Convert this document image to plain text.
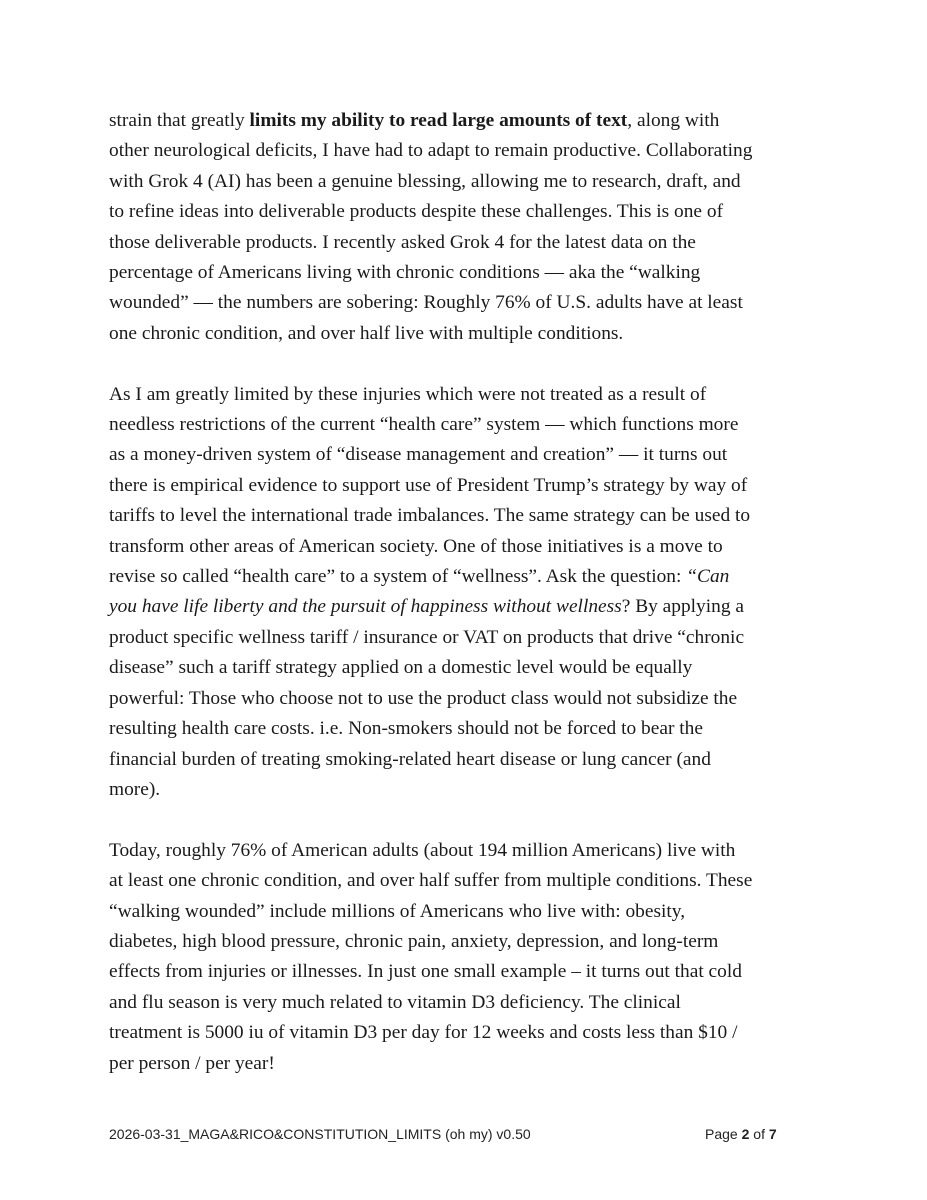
strain that greatly limits my ability to read large amounts of text, along with
other neurological deficits, I have had to adapt to remain productive. Collaborating
with Grok 4 (AI) has been a genuine blessing, allowing me to research, draft, and
to refine ideas into deliverable products despite these challenges. This is one of
those deliverable products. I recently asked Grok 4 for the latest data on the
percentage of Americans living with chronic conditions — aka the “walking
wounded” — the numbers are sobering: Roughly 76% of U.S. adults have at least
one chronic condition, and over half live with multiple conditions.

As I am greatly limited by these injuries which were not treated as a result of
needless restrictions of the current “health care” system — which functions more
as a money-driven system of “disease management and creation” — it turns out
there is empirical evidence to support use of President Trump’s strategy by way of
tariffs to level the international trade imbalances. The same strategy can be used to
transform other areas of American society. One of those initiatives is a move to
revise so called “health care” to a system of “wellness”. Ask the question: “Can
you have life liberty and the pursuit of happiness without wellness? By applying a
product specific wellness tariff / insurance or VAT on products that drive “chronic
disease” such a tariff strategy applied on a domestic level would be equally
powerful: Those who choose not to use the product class would not subsidize the
resulting health care costs. i.e. Non-smokers should not be forced to bear the
financial burden of treating smoking-related heart disease or lung cancer (and
more).

Today, roughly 76% of American adults (about 194 million Americans) live with
at least one chronic condition, and over half suffer from multiple conditions. These
“walking wounded” include millions of Americans who live with: obesity,
diabetes, high blood pressure, chronic pain, anxiety, depression, and long-term
effects from injuries or illnesses. In just one small example – it turns out that cold
and flu season is very much related to vitamin D3 deficiency. The clinical
treatment is 5000 iu of vitamin D3 per day for 12 weeks and costs less than $10 /
per person / per year!

2026-03-31_MAGA&RICO&CONSTITUTION_LIMITS (oh my) v0.50	Page 2 of 7
